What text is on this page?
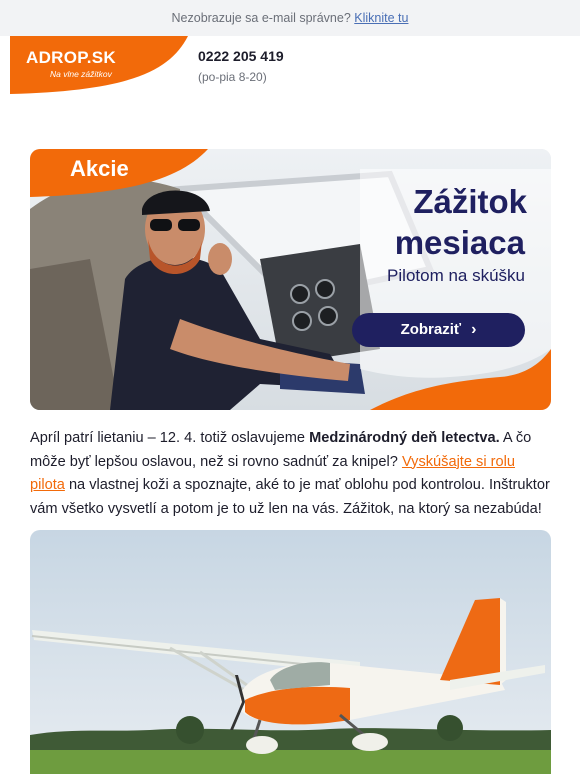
Nezobrazuje sa e-mail správne? Kliknite tu
ADROP.SK
Na vlne zážitkov
0222 205 419
(po-pia 8-20)
Akcie
Zážitok
mesiaca
Pilotom na skúšku
Zobraziť ›
Apríl patrí lietaniu – 12. 4. totiž oslavujeme Medzinárodný deň letectva. A čo môže byť lepšou oslavou, než si rovno sadnúť za knipel? Vyskúšajte si rolu pilota na vlastnej koži a spoznajte, aké to je mať oblohu pod kontrolou. Inštruktor vám všetko vysvetlí a potom je to už len na vás. Zážitok, na ktorý sa nezabúda!
